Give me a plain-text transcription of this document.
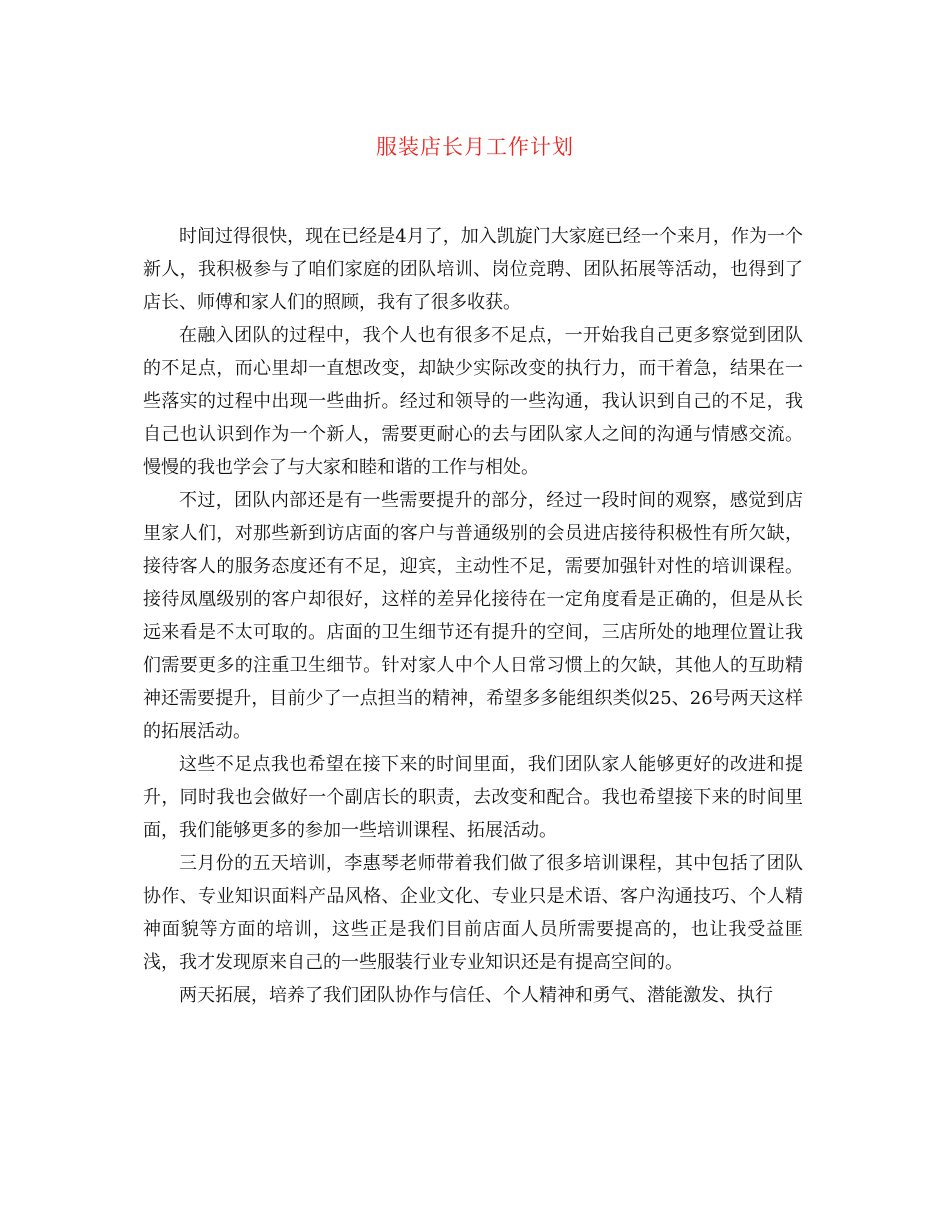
服装店长月工作计划

时间过得很快，现在已经是4月了，加入凯旋门大家庭已经一个来月，作为一个新人，我积极参与了咱们家庭的团队培训、岗位竞聘、团队拓展等活动，也得到了店长、师傅和家人们的照顾，我有了很多收获。

在融入团队的过程中，我个人也有很多不足点，一开始我自己更多察觉到团队的不足点，而心里却一直想改变，却缺少实际改变的执行力，而干着急，结果在一些落实的过程中出现一些曲折。经过和领导的一些沟通，我认识到自己的不足，我自己也认识到作为一个新人，需要更耐心的去与团队家人之间的沟通与情感交流。慢慢的我也学会了与大家和睦和谐的工作与相处。

不过，团队内部还是有一些需要提升的部分，经过一段时间的观察，感觉到店里家人们，对那些新到访店面的客户与普通级别的会员进店接待积极性有所欠缺，接待客人的服务态度还有不足，迎宾，主动性不足，需要加强针对性的培训课程。接待凤凰级别的客户却很好，这样的差异化接待在一定角度看是正确的，但是从长远来看是不太可取的。店面的卫生细节还有提升的空间，三店所处的地理位置让我们需要更多的注重卫生细节。针对家人中个人日常习惯上的欠缺，其他人的互助精神还需要提升，目前少了一点担当的精神，希望多多能组织类似25、26号两天这样的拓展活动。

这些不足点我也希望在接下来的时间里面，我们团队家人能够更好的改进和提升，同时我也会做好一个副店长的职责，去改变和配合。我也希望接下来的时间里面，我们能够更多的参加一些培训课程、拓展活动。

三月份的五天培训，李惠琴老师带着我们做了很多培训课程，其中包括了团队协作、专业知识面料产品风格、企业文化、专业只是术语、客户沟通技巧、个人精神面貌等方面的培训，这些正是我们目前店面人员所需要提高的，也让我受益匪浅，我才发现原来自己的一些服装行业专业知识还是有提高空间的。

两天拓展，培养了我们团队协作与信任、个人精神和勇气、潜能激发、执行
